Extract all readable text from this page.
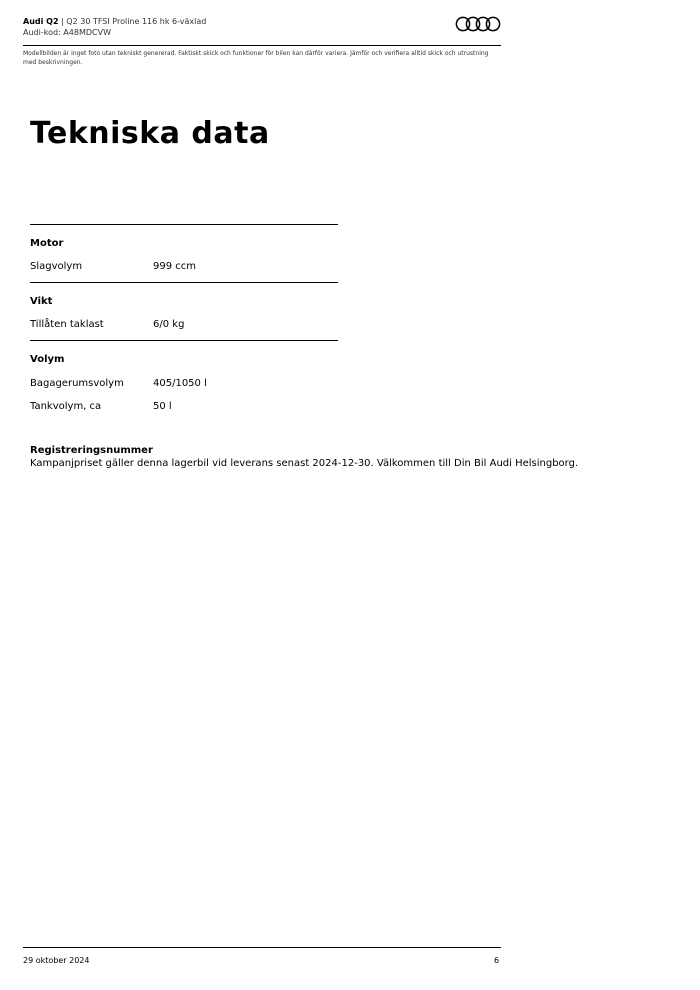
Audi Q2 | Q2 30 TFSI Proline 116 hk 6-växlad
Audi-kod: A48MDCVW
Modellbilden är inget foto utan tekniskt genererad. Faktiskt skick och funktioner för bilen kan därför variera. Jämför och verifiera alltid skick och utrustning med beskrivningen.
Tekniska data
Motor
Slagvolym	999 ccm
Vikt
Tillåten taklast	6/0 kg
Volym
Bagagerumsvolym	405/1050 l
Tankvolym, ca	50 l
Registreringsnummer
Kampanjpriset gäller denna lagerbil vid leverans senast 2024-12-30. Välkommen till Din Bil Audi Helsingborg.
29 oktober 2024	6
